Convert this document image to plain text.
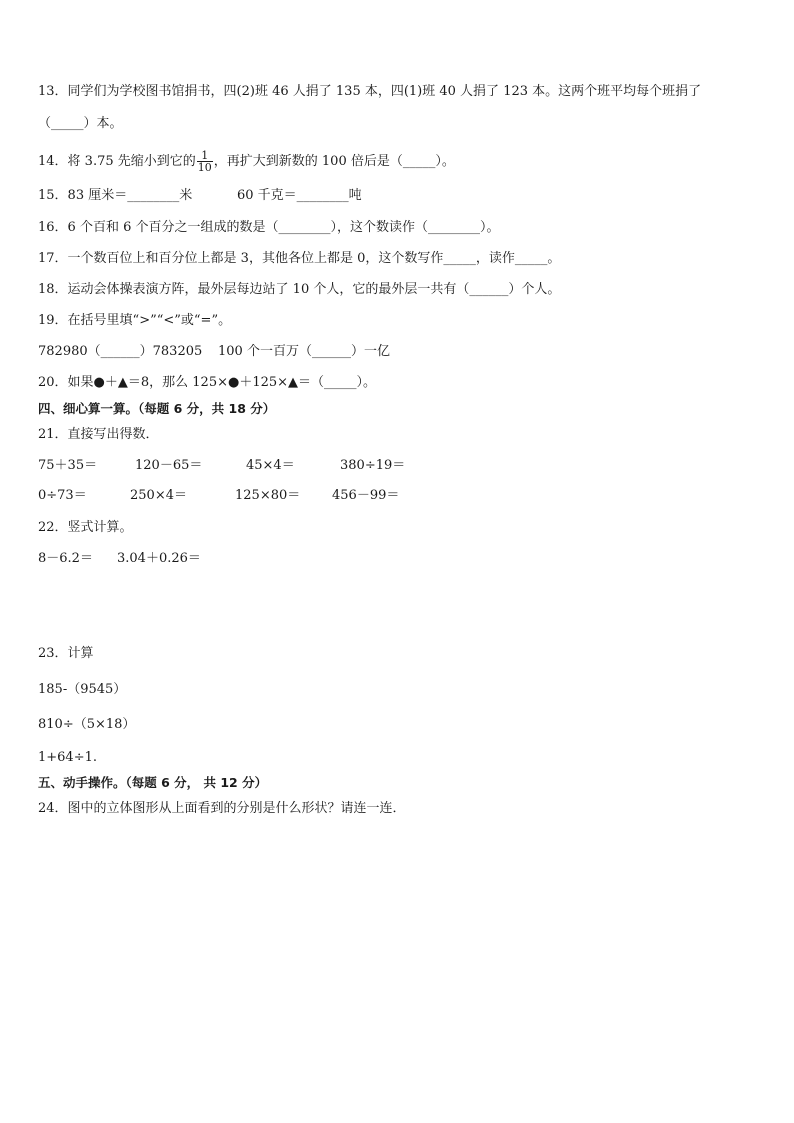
13．同学们为学校图书馆捐书，四(2)班 46 人捐了 135 本，四(1)班 40 人捐了 123 本。这两个班平均每个班捐了
（_____）本。
14．将 3.75 先缩小到它的 $\frac{1}{10}$ ，再扩大到新数的 100 倍后是（_____）。
15．83 厘米＝________米	60 千克＝________吨
16．6 个百和 6 个百分之一组成的数是（________），这个数读作（________）。
17．一个数百位上和百分位上都是 3，其他各位上都是 0，这个数写作_____，读作_____。
18．运动会体操表演方阵，最外层每边站了 10 个人，它的最外层一共有（______）个人。
19．在括号里填“>”“<”或“=”。
782980（______）783205 100 个一百万（______）一亿
20．如果●＋▲＝8，那么 125×●＋125×▲＝（_____）。
四、细心算一算。（每题 6 分，共 18 分）
21．直接写出得数．
75＋35＝	120－65＝	45×4＝	380÷19＝
0÷73＝	250×4＝	125×80＝ 456－99＝
22．竖式计算。
8－6.2＝ 3.04＋0.26＝
23．计算
185-（9545）
810÷（5×18）
1+64÷1.
五、动手操作。（每题 6 分， 共 12 分）
24．图中的立体图形从上面看到的分别是什么形状？请连一连．
